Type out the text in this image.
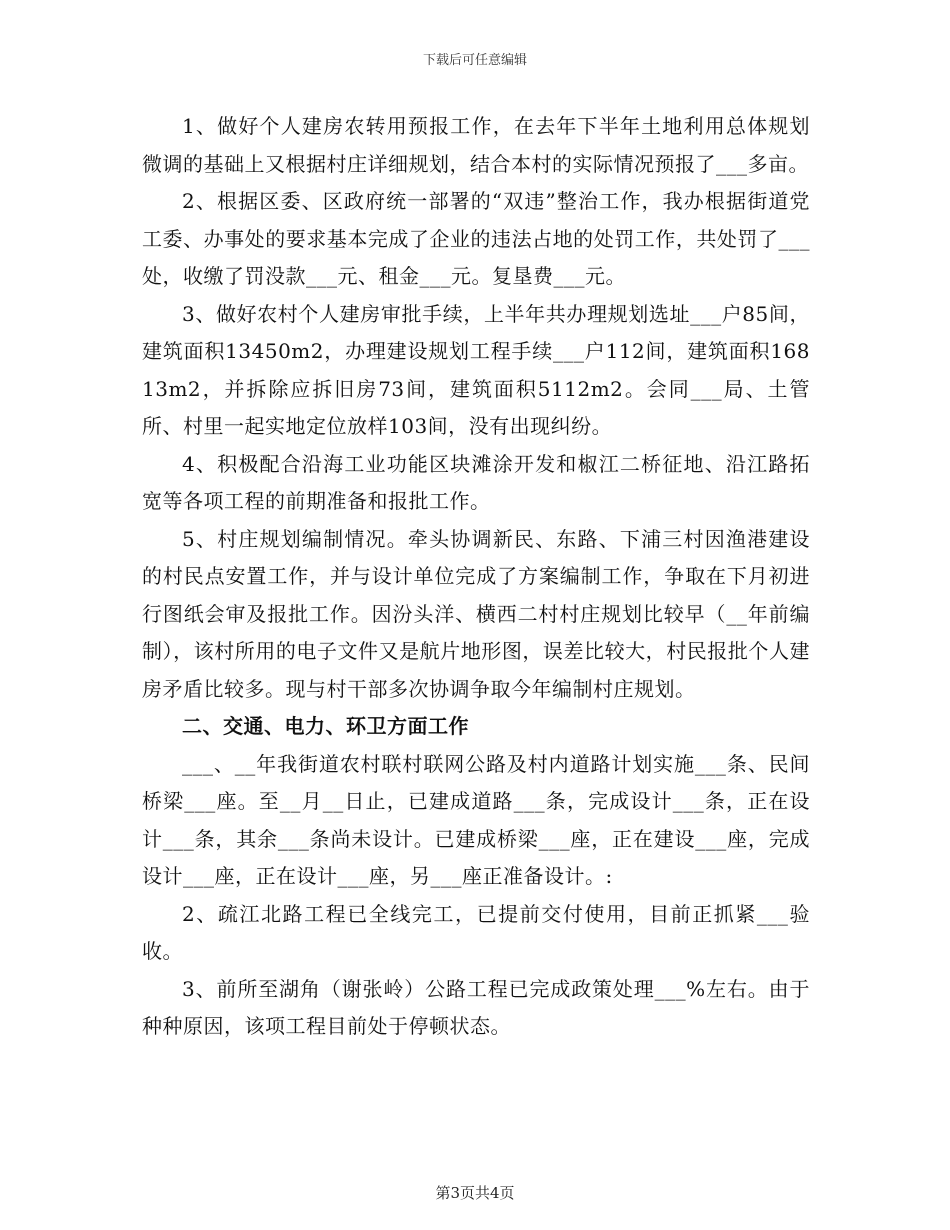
下载后可任意编辑

1、做好个人建房农转用预报工作，在去年下半年土地利用总体规划微调的基础上又根据村庄详细规划，结合本村的实际情况预报了___多亩。

2、根据区委、区政府统一部署的“双违”整治工作，我办根据街道党工委、办事处的要求基本完成了企业的违法占地的处罚工作，共处罚了___处，收缴了罚没款___元、租金___元。复垦费___元。

3、做好农村个人建房审批手续，上半年共办理规划选址___户85间，建筑面积13450m2，办理建设规划工程手续___户112间，建筑面积16813m2，并拆除应拆旧房73间，建筑面积5112m2。会同___局、土管所、村里一起实地定位放样103间，没有出现纠纷。

4、积极配合沿海工业功能区块滩涂开发和椒江二桥征地、沿江路拓宽等各项工程的前期准备和报批工作。

5、村庄规划编制情况。牵头协调新民、东路、下浦三村因渔港建设的村民点安置工作，并与设计单位完成了方案编制工作，争取在下月初进行图纸会审及报批工作。因汾头洋、横西二村村庄规划比较早（__年前编制），该村所用的电子文件又是航片地形图，误差比较大，村民报批个人建房矛盾比较多。现与村干部多次协调争取今年编制村庄规划。

二、交通、电力、环卫方面工作

___、__年我街道农村联村联网公路及村内道路计划实施___条、民间桥梁___座。至__月__日止，已建成道路___条，完成设计___条，正在设计___条，其余___条尚未设计。已建成桥梁___座，正在建设___座，完成设计___座，正在设计___座，另___座正准备设计。:

2、疏江北路工程已全线完工，已提前交付使用，目前正抓紧___验收。

3、前所至湖角（谢张岭）公路工程已完成政策处理___%左右。由于种种原因，该项工程目前处于停顿状态。

第3页共4页
